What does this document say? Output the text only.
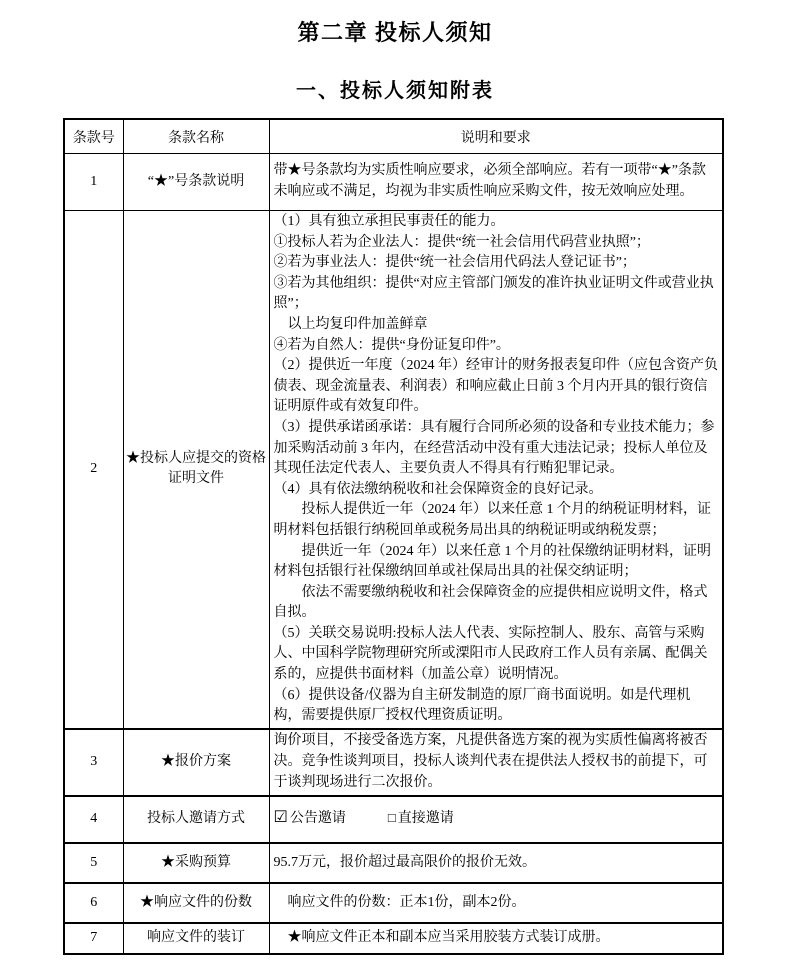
第二章 投标人须知
一、投标人须知附表
条款号	条款名称	说明和要求
1	“★”号条款说明	带★号条款均为实质性响应要求，必须全部响应。若有一项带“★”条款未响应或不满足，均视为非实质性响应采购文件，按无效响应处理。

2	★投标人应提交的资格证明文件	
（1）具有独立承担民事责任的能力。
①投标人若为企业法人：提供“统一社会信用代码营业执照”；
②若为事业法人：提供“统一社会信用代码法人登记证书”；
③若为其他组织：提供“对应主管部门颁发的准许执业证明文件或营业执照”；
　以上均复印件加盖鲜章
④若为自然人：提供“身份证复印件”。
（2）提供近一年度（2024 年）经审计的财务报表复印件（应包含资产负债表、现金流量表、利润表）和响应截止日前 3 个月内开具的银行资信证明原件或有效复印件。
（3）提供承诺函承诺：具有履行合同所必须的设备和专业技术能力；参加采购活动前 3 年内，在经营活动中没有重大违法记录；投标人单位及其现任法定代表人、主要负责人不得具有行贿犯罪记录。
（4）具有依法缴纳税收和社会保障资金的良好记录。
　　投标人提供近一年（2024 年）以来任意 1 个月的纳税证明材料，证明材料包括银行纳税回单或税务局出具的纳税证明或纳税发票；
　　提供近一年（2024 年）以来任意 1 个月的社保缴纳证明材料，证明材料包括银行社保缴纳回单或社保局出具的社保交纳证明；
　　依法不需要缴纳税收和社会保障资金的应提供相应说明文件，格式自拟。
（5）关联交易说明:投标人法人代表、实际控制人、股东、高管与采购人、中国科学院物理研究所或溧阳市人民政府工作人员有亲属、配偶关系的，应提供书面材料（加盖公章）说明情况。
（6）提供设备/仪器为自主研发制造的原厂商书面说明。如是代理机构，需要提供原厂授权代理资质证明。

3	★报价方案	询价项目，不接受备选方案，凡提供备选方案的视为实质性偏离将被否决。竞争性谈判项目，投标人谈判代表在提供法人授权书的前提下，可于谈判现场进行二次报价。

4	投标人邀请方式	☑ 公告邀请 □ 直接邀请
5	★采购预算	95.7万元，报价超过最高限价的报价无效。

6	★响应文件的份数	　响应文件的份数：正本1份，副本2份。

7	响应文件的装订	　★响应文件正本和副本应当采用胶装方式装订成册。
